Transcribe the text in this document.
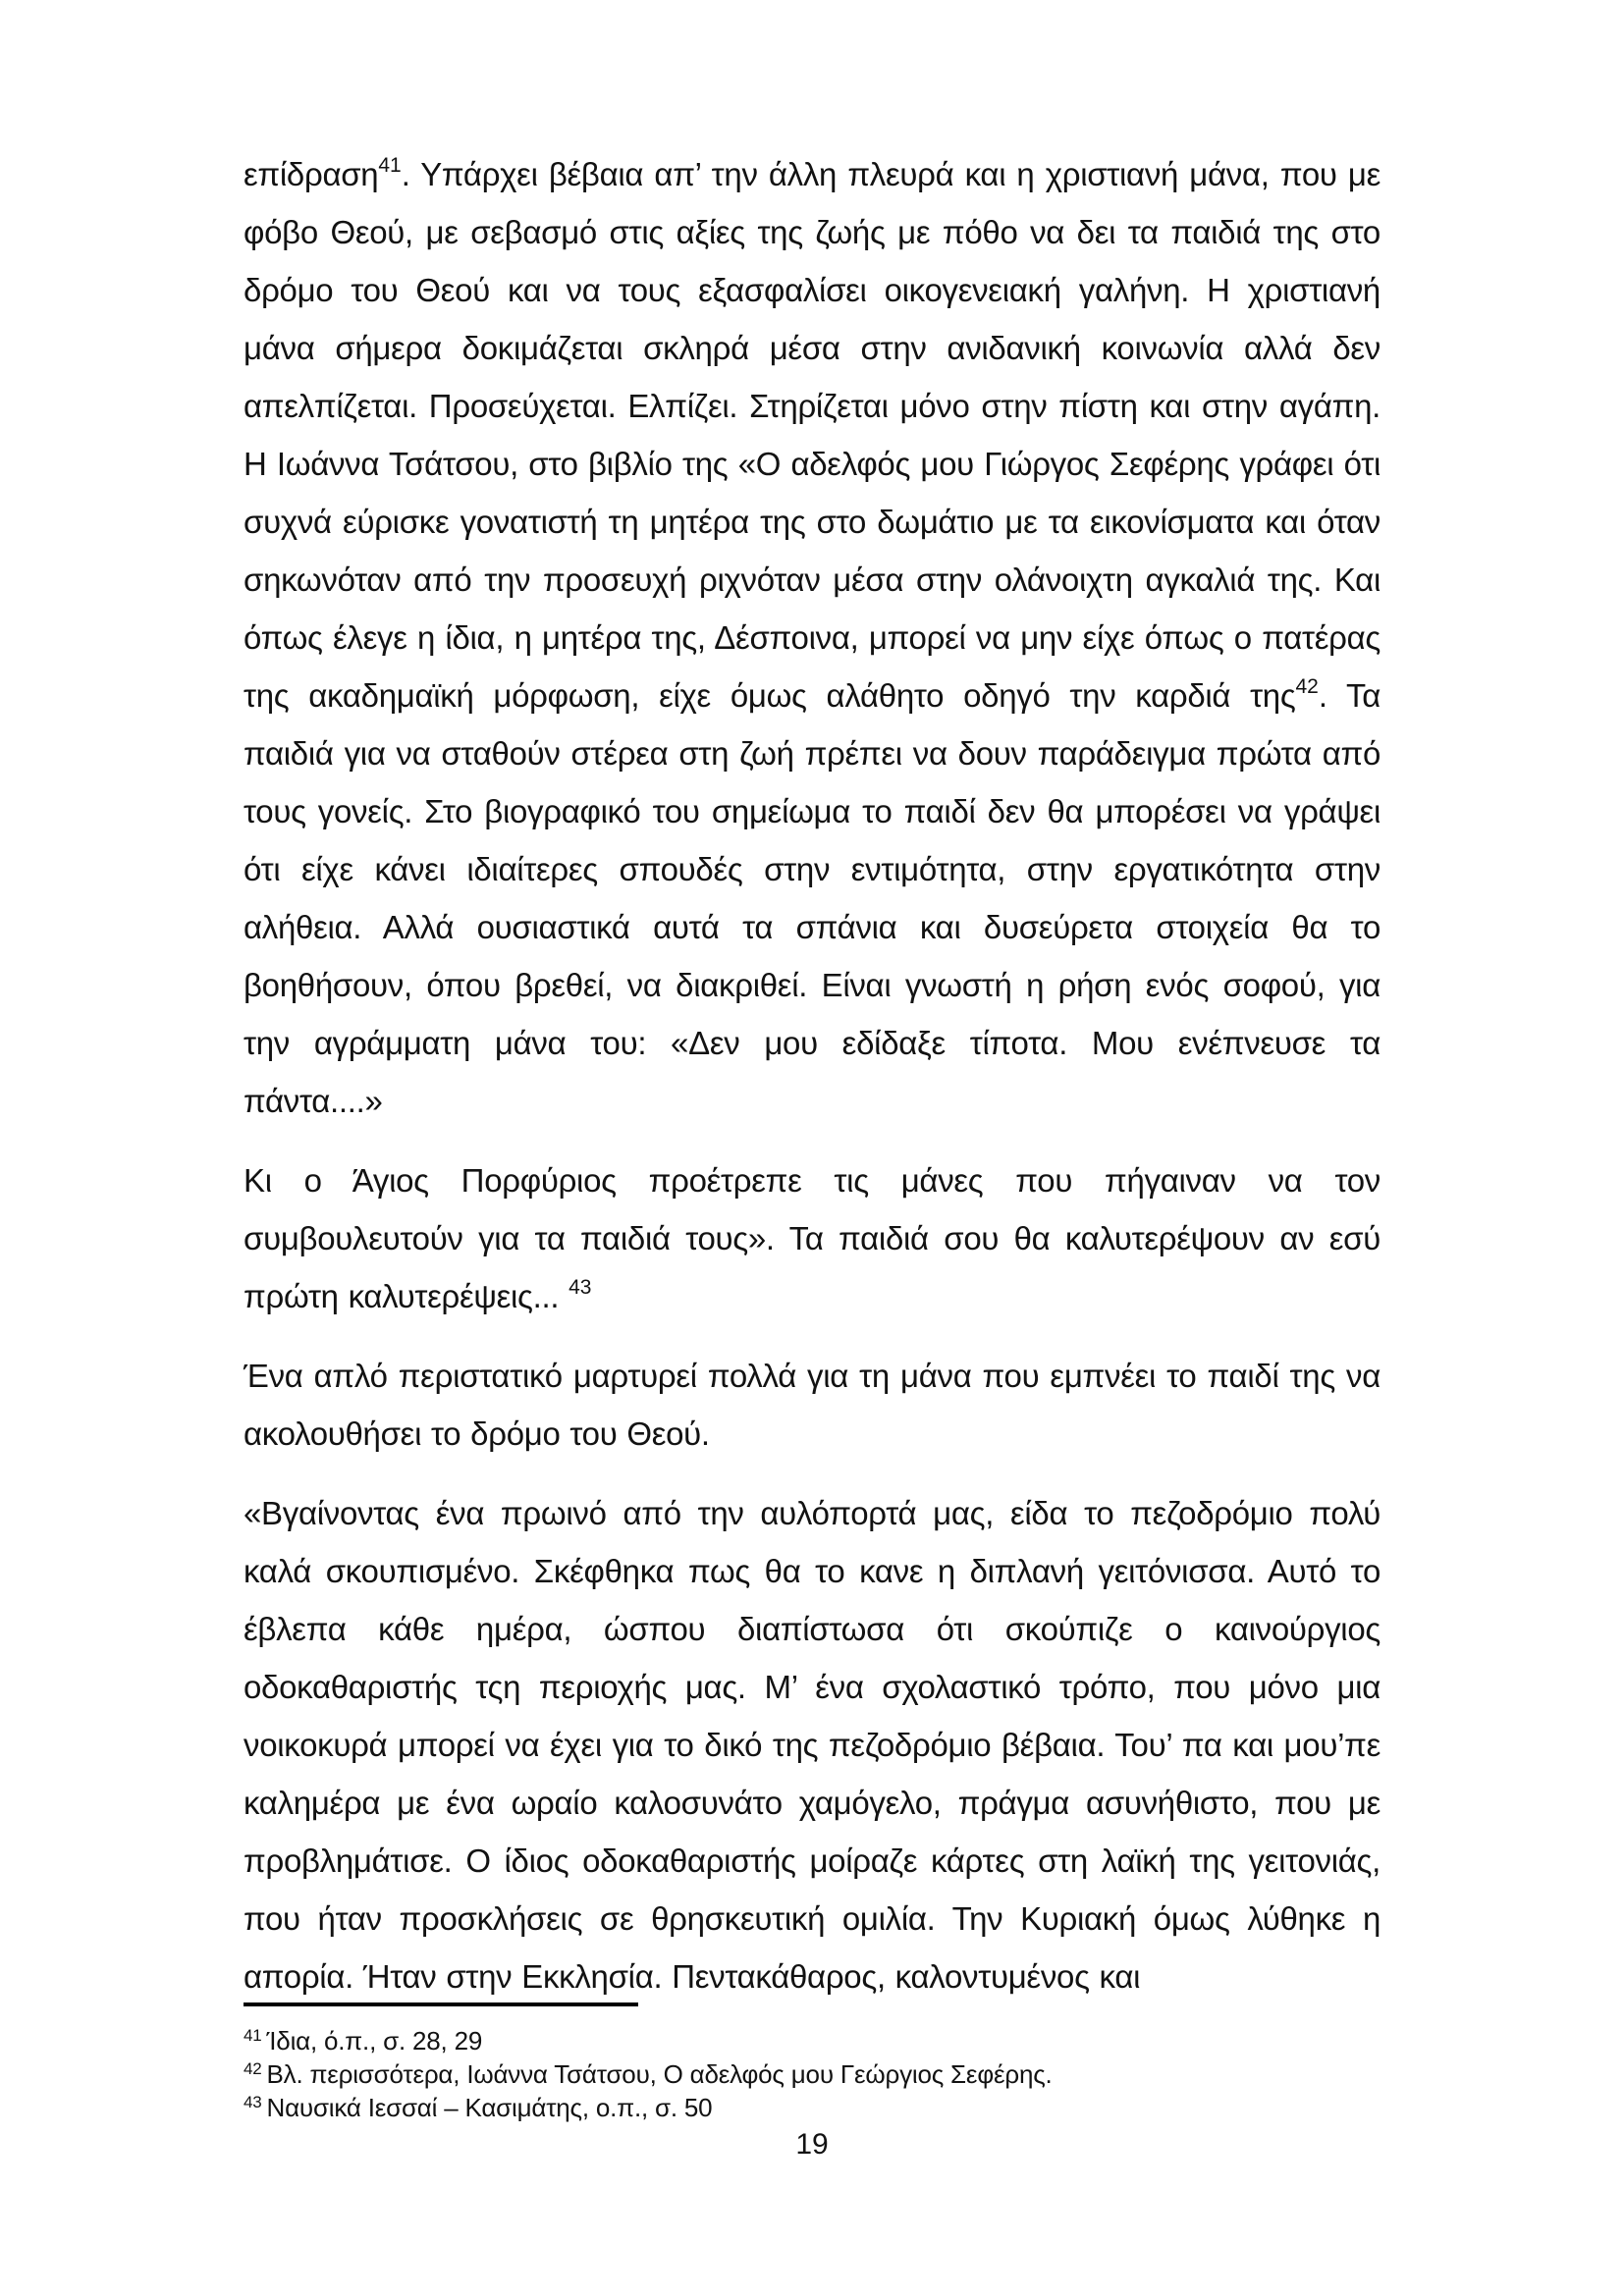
επίδραση$^{41}$. Υπάρχει βέβαια απ’ την άλλη πλευρά και η χριστιανή μάνα, που με φόβο Θεού, με σεβασμό στις αξίες της ζωής με πόθο να δει τα παιδιά της στο δρόμο του Θεού και να τους εξασφαλίσει οικογενειακή γαλήνη. Η χριστιανή μάνα σήμερα δοκιμάζεται σκληρά μέσα στην ανιδανική κοινωνία αλλά δεν απελπίζεται. Προσεύχεται. Ελπίζει. Στηρίζεται μόνο στην πίστη και στην αγάπη. Η Ιωάννα Τσάτσου, στο βιβλίο της «Ο αδελφός μου Γιώργος Σεφέρης γράφει ότι συχνά εύρισκε γονατιστή τη μητέρα της στο δωμάτιο με τα εικονίσματα και όταν σηκωνόταν από την προσευχή ριχνόταν μέσα στην ολάνοιχτη αγκαλιά της. Και όπως έλεγε η ίδια, η μητέρα της, Δέσποινα, μπορεί να μην είχε όπως ο πατέρας της ακαδημαϊκή μόρφωση, είχε όμως αλάθητο οδηγό την καρδιά της$^{42}$. Τα παιδιά για να σταθούν στέρεα στη ζωή πρέπει να δουν παράδειγμα πρώτα από τους γονείς. Στο βιογραφικό του σημείωμα το παιδί δεν θα μπορέσει να γράψει ότι είχε κάνει ιδιαίτερες σπουδές στην εντιμότητα, στην εργατικότητα στην αλήθεια. Αλλά ουσιαστικά αυτά τα σπάνια και δυσεύρετα στοιχεία θα το βοηθήσουν, όπου βρεθεί, να διακριθεί. Είναι γνωστή η ρήση ενός σοφού, για την αγράμματη μάνα του: «Δεν μου εδίδαξε τίποτα. Μου ενέπνευσε τα πάντα....»

Κι ο Άγιος Πορφύριος προέτρεπε τις μάνες που πήγαιναν να τον συμβουλευτούν για τα παιδιά τους». Τα παιδιά σου θα καλυτερέψουν αν εσύ πρώτη καλυτερέψεις... $^{43}$

Ένα απλό περιστατικό μαρτυρεί πολλά για τη μάνα που εμπνέει το παιδί της να ακολουθήσει το δρόμο του Θεού.

«Βγαίνοντας ένα πρωινό από την αυλόπορτά μας, είδα το πεζοδρόμιο πολύ καλά σκουπισμένο. Σκέφθηκα πως θα το κανε η διπλανή γειτόνισσα. Αυτό το έβλεπα κάθε ημέρα, ώσπου διαπίστωσα ότι σκούπιζε ο καινούργιος οδοκαθαριστής τςη περιοχής μας. Μ’ ένα σχολαστικό τρόπο, που μόνο μια νοικοκυρά μπορεί να έχει για το δικό της πεζοδρόμιο βέβαια. Του’ πα και μου’πε καλημέρα με ένα ωραίο καλοσυνάτο χαμόγελο, πράγμα ασυνήθιστο, που με προβλημάτισε. Ο ίδιος οδοκαθαριστής μοίραζε κάρτες στη λαϊκή της γειτονιάς, που ήταν προσκλήσεις σε θρησκευτική ομιλία. Την Κυριακή όμως λύθηκε η απορία. Ήταν στην Εκκλησία. Πεντακάθαρος, καλοντυμένος και

$^{41}$ Ίδια, ό.π., σ. 28, 29
$^{42}$ Βλ. περισσότερα, Ιωάννα Τσάτσου, Ο αδελφός μου Γεώργιος Σεφέρης.
$^{43}$ Ναυσικά Ιεσσαί – Κασιμάτης, ο.π., σ. 50
19
